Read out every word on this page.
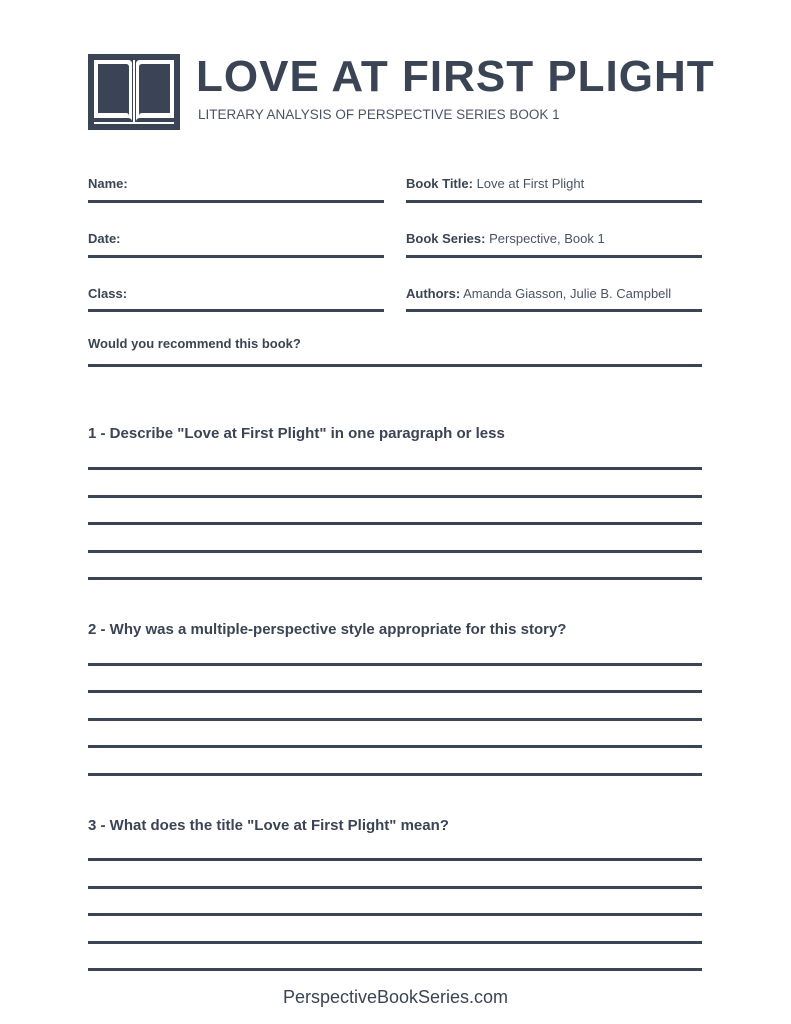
LOVE AT FIRST PLIGHT
LITERARY ANALYSIS OF PERSPECTIVE SERIES BOOK 1
Name:
Date:
Class:
Book Title: Love at First Plight
Book Series: Perspective, Book 1
Authors: Amanda Giasson, Julie B. Campbell
Would you recommend this book?
1 - Describe "Love at First Plight" in one paragraph or less
2 - Why was a multiple-perspective style appropriate for this story?
3 - What does the title "Love at First Plight" mean?
PerspectiveBookSeries.com
